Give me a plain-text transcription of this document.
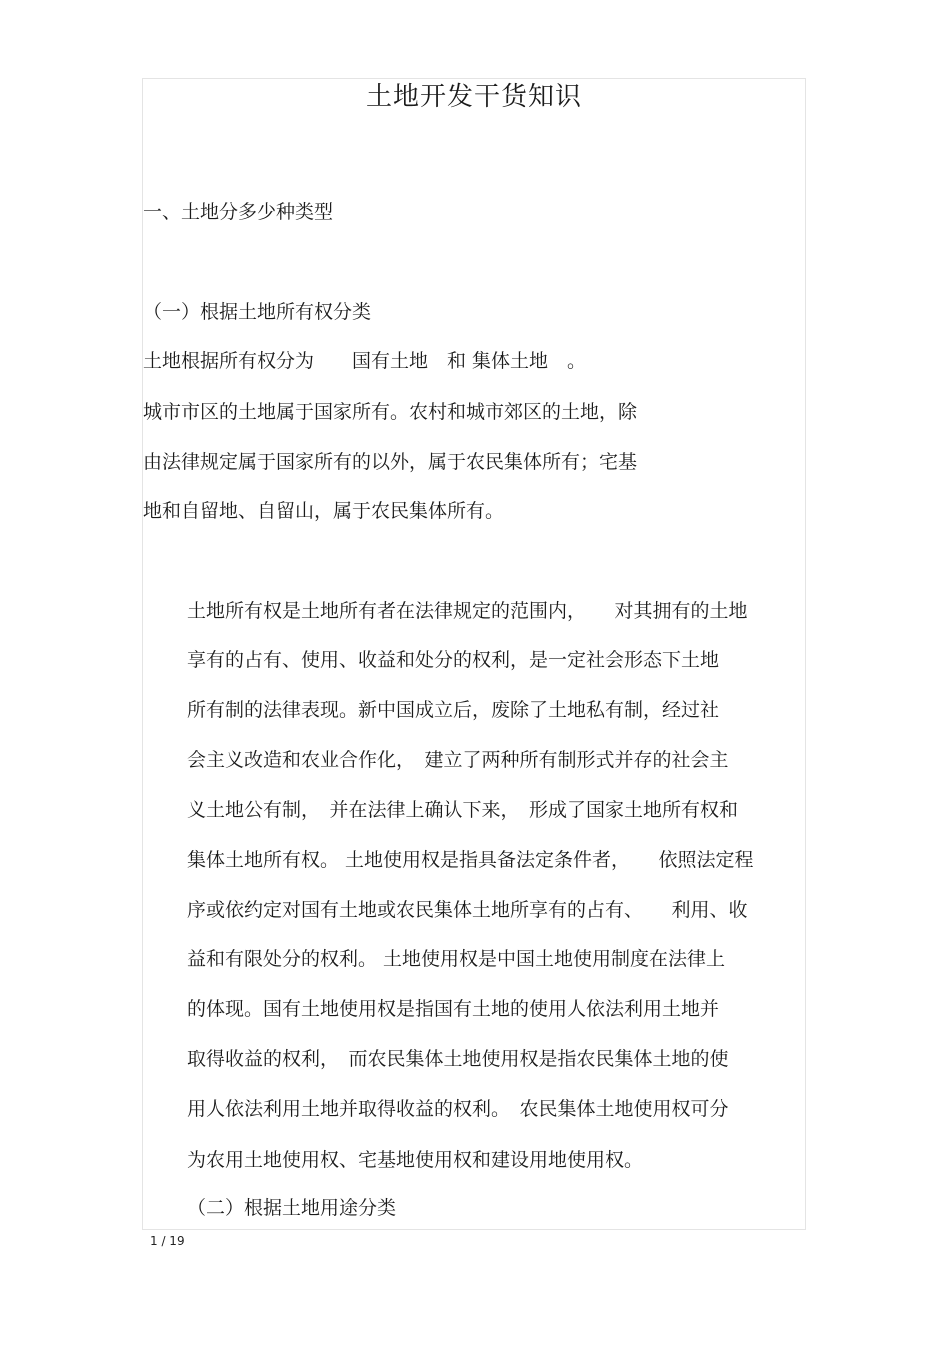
土地开发干货知识
一、土地分多少种类型
（一）根据土地所有权分类
土地根据所有权分为　　国有土地　和 集体土地　。
城市市区的土地属于国家所有。农村和城市郊区的土地，除
由法律规定属于国家所有的以外，属于农民集体所有；宅基
地和自留地、自留山，属于农民集体所有。
土地所有权是土地所有者在法律规定的范围内，　　对其拥有的土地
享有的占有、使用、收益和处分的权利，是一定社会形态下土地
所有制的法律表现。新中国成立后，废除了土地私有制，经过社
会主义改造和农业合作化，　建立了两种所有制形式并存的社会主
义土地公有制，　并在法律上确认下来，　形成了国家土地所有权和
集体土地所有权。 土地使用权是指具备法定条件者，　　依照法定程
序或依约定对国有土地或农民集体土地所享有的占有、　　利用、收
益和有限处分的权利。 土地使用权是中国土地使用制度在法律上
的体现。国有土地使用权是指国有土地的使用人依法利用土地并
取得收益的权利，　而农民集体土地使用权是指农民集体土地的使
用人依法利用土地并取得收益的权利。　农民集体土地使用权可分
为农用土地使用权、宅基地使用权和建设用地使用权。
（二）根据土地用途分类
1 / 19
